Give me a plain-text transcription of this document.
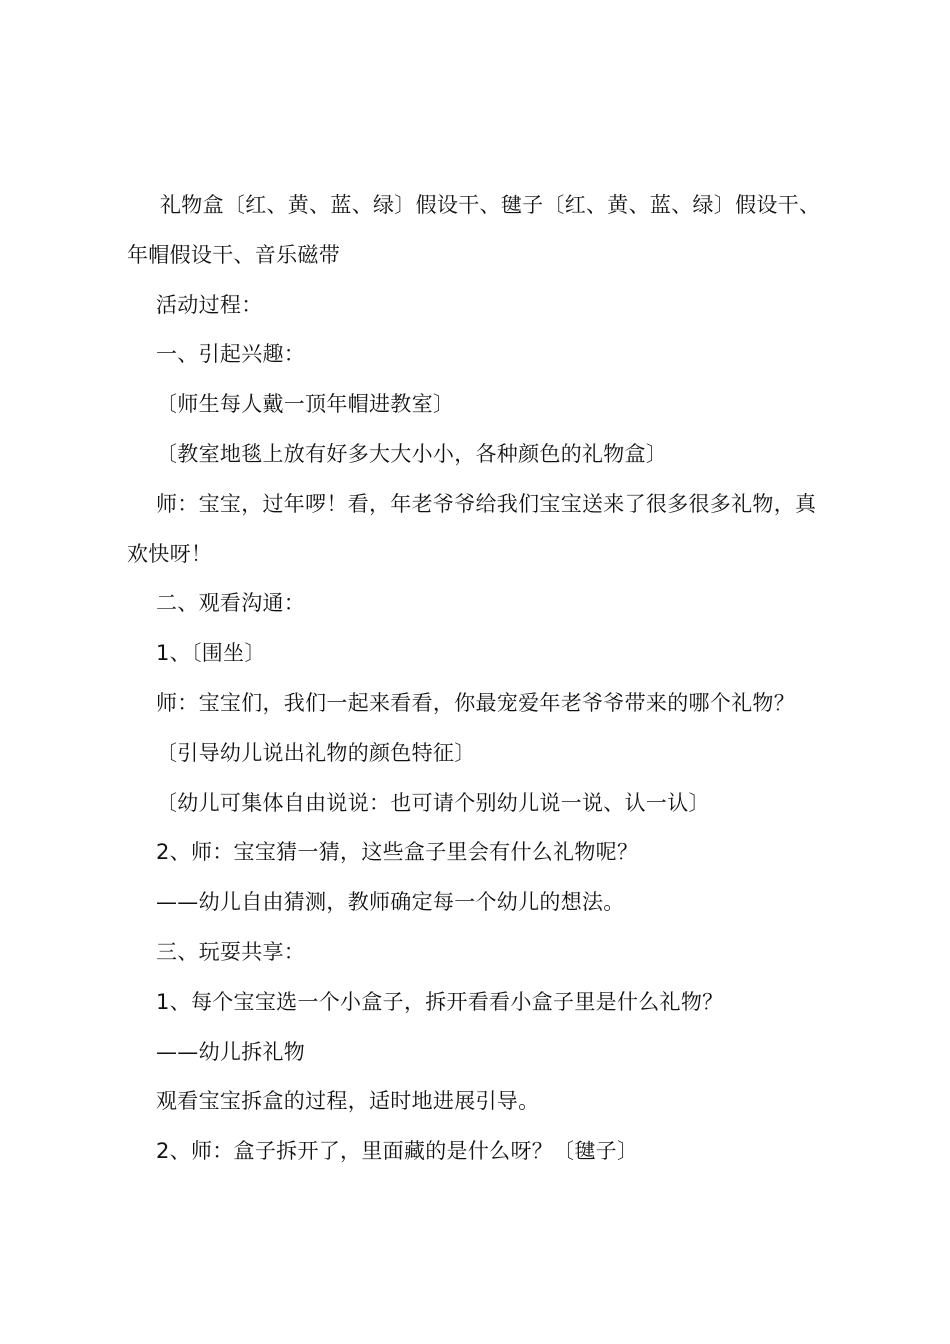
礼物盒〔红、黄、蓝、绿〕假设干、毽子〔红、黄、蓝、绿〕假设干、年帽假设干、音乐磁带

活动过程：

一、引起兴趣：

〔师生每人戴一顶年帽进教室〕

〔教室地毯上放有好多大大小小，各种颜色的礼物盒〕

师：宝宝，过年啰！看，年老爷爷给我们宝宝送来了很多很多礼物，真欢快呀！

二、观看沟通：

1、〔围坐〕

师：宝宝们，我们一起来看看，你最宠爱年老爷爷带来的哪个礼物？

〔引导幼儿说出礼物的颜色特征〕

〔幼儿可集体自由说说：也可请个别幼儿说一说、认一认〕

2、师：宝宝猜一猜，这些盒子里会有什么礼物呢？

——幼儿自由猜测，教师确定每一个幼儿的想法。

三、玩耍共享：

1、每个宝宝选一个小盒子，拆开看看小盒子里是什么礼物？

——幼儿拆礼物

观看宝宝拆盒的过程，适时地进展引导。

2、师：盒子拆开了，里面藏的是什么呀？〔毽子〕
